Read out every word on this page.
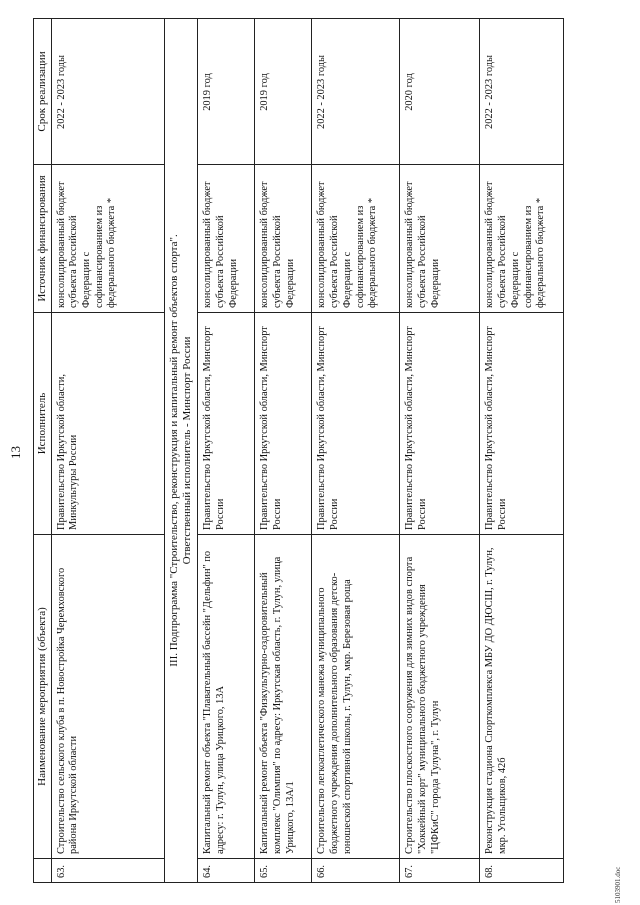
13
	Наименование мероприятия (объекта)	Исполнитель	Источник финансирования	Срок реализации
63.	Строительство сельского клуба в п. Новостройка Черемховского района Иркутской области	Правительство Иркутской области, Минкультуры России	консолидированный бюджет субъекта Российской Федерации с софинансированием из федерального бюджета *	2022 - 2023 годы

III. Подпрограмма "Строительство, реконструкция и капитальный ремонт объектов спорта". Ответственный исполнитель - Минспорт России				

64.	Капитальный ремонт объекта "Плавательный бассейн "Дельфин" по адресу: г. Тулун, улица Урицкого, 13А	Правительство Иркутской области, Минспорт России	консолидированный бюджет субъекта Российской Федерации	2019 год
65.	Капитальный ремонт объекта "Физкультурно-оздоровительный комплекс "Олимпия" по адресу: Иркутская область, г. Тулун, улица Урицкого, 13А/1	Правительство Иркутской области, Минспорт России	консолидированный бюджет субъекта Российской Федерации	2019 год
66.	Строительство легкоатлетического манежа муниципального бюджетного учреждения дополнительного образования детско-юношеской спортивной школы, г. Тулун, мкр. Березовая роща	Правительство Иркутской области, Минспорт России	консолидированный бюджет субъекта Российской Федерации с софинансированием из федерального бюджета *	2022 - 2023 годы
67.	Строительство плоскостного сооружения для зимних видов спорта "Хоккейный корт" муниципального бюджетного учреждения "ЦФКиС" города Тулуна", г. Тулун	Правительство Иркутской области, Минспорт России	консолидированный бюджет субъекта Российской Федерации	2020 год
68.	Реконструкция стадиона Спорткомплекса МБУ ДО ДЮСШ, г. Тулун, мкр. Угольщиков, 42б	Правительство Иркутской области, Минспорт России	консолидированный бюджет субъекта Российской Федерации с софинансированием из федерального бюджета *	2022 - 2023 годы
5103901.doc
